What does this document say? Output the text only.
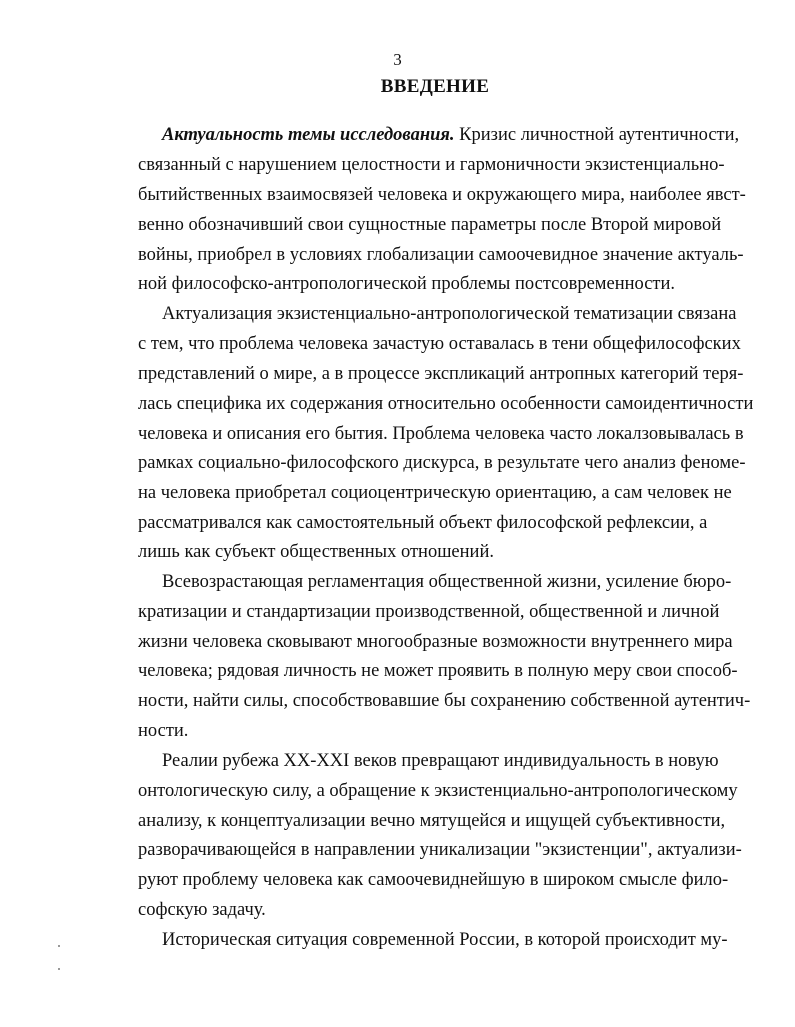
3
ВВЕДЕНИЕ
Актуальность темы исследования. Кризис личностной аутентичности,
связанный с нарушением целостности и гармоничности экзистенциально-
бытийственных взаимосвязей человека и окружающего мира, наиболее явст-
венно обозначивший свои сущностные параметры после Второй мировой
войны, приобрел в условиях глобализации самоочевидное значение актуаль-
ной философско-антропологической проблемы постсовременности.
Актуализация экзистенциально-антропологической тематизации связана
с тем, что проблема человека зачастую оставалась в тени общефилософских
представлений о мире, а в процессе экспликаций антропных категорий теря-
лась специфика их содержания относительно особенности самоидентичности
человека и описания его бытия. Проблема человека часто локалзовывалась в
рамках социально-философского дискурса, в результате чего анализ феноме-
на человека приобретал социоцентрическую ориентацию, а сам человек не
рассматривался как самостоятельный объект философской рефлексии, а
лишь как субъект общественных отношений.
Всевозрастающая регламентация общественной жизни, усиление бюро-
кратизации и стандартизации производственной, общественной и личной
жизни человека сковывают многообразные возможности внутреннего мира
человека; рядовая личность не может проявить в полную меру свои способ-
ности, найти силы, способствовавшие бы сохранению собственной аутентич-
ности.
Реалии рубежа XX-XXI веков превращают индивидуальность в новую
онтологическую силу, а обращение к экзистенциально-антропологическому
анализу, к концептуализации вечно мятущейся и ищущей субъективности,
разворачивающейся в направлении уникализации "экзистенции", актуализи-
руют проблему человека как самоочевиднейшую в широком смысле фило-
софскую задачу.
Историческая ситуация современной России, в которой происходит му-
